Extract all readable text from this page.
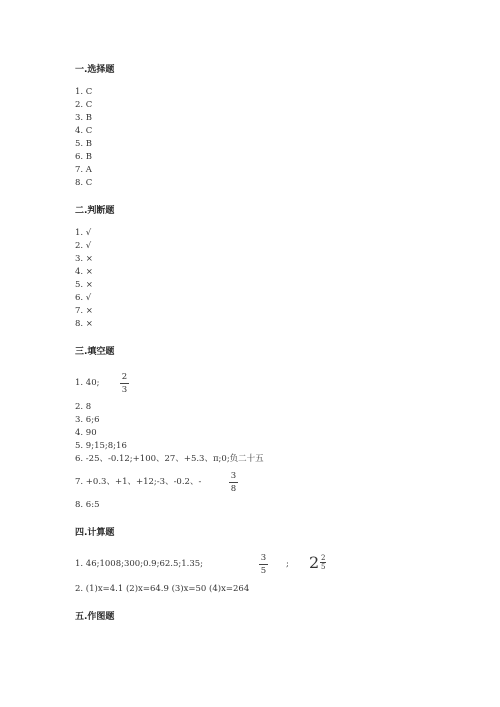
一.选择题
1. C
2. C
3. B
4. C
5. B
6. B
7. A
8. C
二.判断题
1. √
2. √
3. ×
4. ×
5. ×
6. √
7. ×
8. ×
三.填空题
1. 40;
2
3
2. 8
3. 6;6
4. 90
5. 9;15;8;16
6. -25、-0.12;+100、27、+5.3、π;0;负二十五
7. +0.3、+1、+12;-3、-0.2、-
3
8
8. 6:5
四.计算题
1. 46;1008;300;0.9;62.5;1.35;
3
5
; 2 2
5
2. (1)x=4.1 (2)x=64.9 (3)x=50 (4)x=264
五.作图题
